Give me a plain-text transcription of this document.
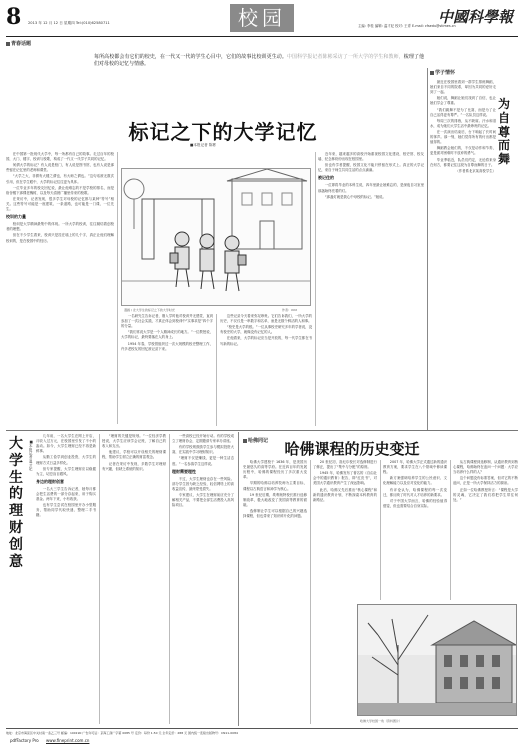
8 2013 年 12 月 12 日 星期四 Tel:(010)62580711	校园	中國科學報
主编: 李桂 编辑: 温才妃 校对: 王青 E-mail: cfsedu@stimes.cn
青春话题
每所高校都会有它们的校史，在一代又一代的学生心目中，它们的故事比校训更生动。中国科学报记者陈彬采访了一所大学的学生和教师，梳理了他们对母校的记忆与情感。
标记之下的大学记忆
■本报记者 陈彬

在中国第一批现代大学中，每一所都有自己的故事。走过百年的校园，大门、楼宇、校训与校歌，构成了一代又一代学子共同的记忆。

何谓大学的标记？有人说是校门，有人说是图书馆，也有人说是那些留在记忆里的老师和课堂。

“大学之大，非谓有大楼之谓也，有大师之谓也。”这句话被无数次引用，但在学生眼中，大学的标记往往更为具体。

一位毕业多年的校友回忆说，最让他难忘的不是学校的排名，而是宿舍楼下那棵老槐树，以及每天清晨广播里传来的校歌。

在采访中，记者发现，很多学生对母校的记忆都与某种“符号”相关。这些符号可能是一座建筑、一条道路，也可能是一门课、一位先生。

校训的力量

校训是大学精神最集中的体现。一所大学的校训，往往凝结着创校者的理想。

但在不少学生看来，校训只是挂在墙上的几个字，真正让他们理解校训的，是在校园中的经历。

漫画 / 北大学生的标记之下的大学时光	作者：XXX

一名研究生告诉记者，刚入学时他对校训并无感觉，直到参加了一次社会实践，才真正体会到校训中“实事求是”四个字的分量。

“我们常说大学是一个人精神成长的地方。”一位教授说，大学的标记，最终要落在人的身上。

1954 年春，学校曾组织过一次大规模的校史整理工作，许多老校友的回忆被记录下来。

这些记录今天看来弥足珍贵。它们告诉我们，一所大学的历史，不仅仅是一串数字和名单，而是无数个鲜活的人和事。

“校史是大学的根。”一位从事校史研究多年的学者说，没有校史的大学，就像没有记忆的人。

在他看来，大学的标记应当是开放的，每一代学生都在书写新的标记。

近年来，越来越多的高校开始重视校园文化建设，校史馆、校友墙、纪念林纷纷出现在校园里。

但也有学者提醒，校园文化不能只停留在形式上。真正的大学记忆，来自于师生共同生活的点点滴滴。

被记住的

一位即将毕业的本科生说，四年里最让她难忘的，是深夜自习室里那盏始终亮着的灯。

“那盏灯就是我心中母校的标记。”她说。

学子情怀

最近在校园里看到一群学生排练舞蹈，她们来自不同的院系，却因为共同的爱好走到了一起。

她们说，舞蹈让她们找到了自信，也让她们学会了尊重。

“我们跳舞不是为了比赛，而是为了让自己活得更有尊严。”一名队员这样说。

每周三次的排练，从不缺席。汗水和泪水，成为她们大学生活中最珍贵的记忆。

在一次演出结束后，台下响起了长时间的掌声。那一刻，她们觉得所有的付出都是值得的。

舞蹈教会她们的，不仅是动作和节奏，更是面对困难时不放弃的勇气。

毕业季临近，队员们约定，无论将来身在何方，都要记住这段为自尊而舞的日子。

（作者系北京某高校学生）

为自尊而舞
大学生的理财创意
■本报记者 温才妃

几年前，一名大学生在网上开店，月收入过万元，在校园里引发了不小的轰动。如今，大学生理财已经不再是新鲜事。

从勤工俭学到创业投资，大学生的理财方式日益多样化。

但专家提醒，大学生理财应以稳健为主，切忌盲目跟风。

身边的理财创意

一名大三学生告诉记者，她每月都会把生活费的一部分存起来，用于购买基金。两年下来，小有收获。

也有学生尝试在校园里开办小型服务，帮助同学代取快递、整理二手书籍。

“理财的关键是规划。”一位经济学教授说，大学生应该学会记账，了解自己的收入和支出。

他建议，学校可以开设相关的理财课程，帮助学生树立正确的财富观念。

记者在采访中发现，多数学生对理财有兴趣，但缺乏系统的知识。

一些高校已经开始行动。有的学校成立了理财协会，定期邀请专家举办讲座。

有的学校则鼓励学生参与模拟投资大赛，在实践中学习理财知识。

“理财不仅是赚钱，更是一种生活态度。”一名参赛学生这样说。

理财需要理性

不过，大学生理财也存在一些风险。部分学生因为缺乏经验，轻信网络上的高收益宣传，最终蒙受损失。

专家建议，大学生在理财前应充分了解相关产品，不要把全部生活费投入高风险项目。

哈佛同记	哈佛课程的历史变迁

哈佛大学建校于 1636 年，是美国历史最悠久的高等学府。在近四百年的发展历程中，哈佛的课程经历了多次重大变革。

早期的哈佛以培养牧师为主要目标，课程以古典语言和神学为核心。

19 世纪后期，埃利奥特校长推行选修制改革，极大地改变了美国高等教育的面貌。

选修制让学生可以根据自己的兴趣选择课程，但也带来了知识碎片化的问题。

20 世纪初，洛厄尔校长对选修制进行了修正，提出了“集中与分配”的原则。

1945 年，哈佛发布了著名的《自由社会中的通识教育》报告，即“红皮书”，对美国大学通识教育产生了深远影响。

此后，哈佛又先后推出“核心课程”和新的通识教育计划，不断探索本科教育的新路径。

2007 年，哈佛大学正式通过新的通识教育方案，要求学生在八个领域中修读课程。

新方案强调培养学生的公民意识、文化理解能力以及应对变化的能力。

有评论认为，哈佛课程的每一次变迁，都反映了时代对人才培养的新要求。

对于中国大学而言，哈佛的经验值得借鉴，但也需要结合自身实际。

从古典课程到选修制，从通识教育到核心课程，哈佛始终在追问一个问题：大学应当培养什么样的人？

这个问题没有标准答案，但对它的不断追问，正是一所大学保持活力的源泉。

正如一位哈佛教授所言：“课程是大学的灵魂，它决定了我们将把学生带往何处。”

哈佛大学校园一角（资料图片）
地址：北京市海淀区中关村南一条乙三号 邮编：100190 广告许可证：京海工商广字第 0085 号 定价：每份 1.50 元 全年定价：288 元 国内统一连续出版物号：CN11-0084
pdfFactory Pro www.fineprint.com.cn
